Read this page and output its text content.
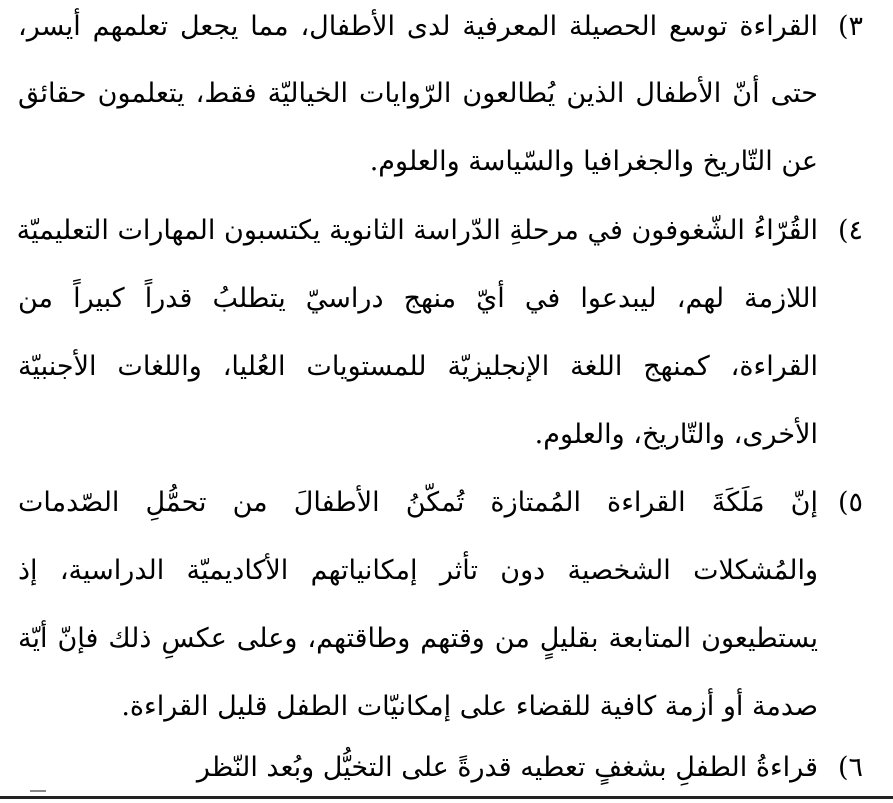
٣)
القراءة توسع الحصيلة المعرفية لدى الأطفال، مما يجعل تعلمهم أيسر،
حتى أنّ الأطفال الذين يُطالعون الرّوايات الخياليّة فقط، يتعلمون حقائق
عن التّاريخ والجغرافيا والسّياسة والعلوم.
٤)
القُرّاءُ الشّغوفون في مرحلةِ الدّراسة الثانوية يكتسبون المهارات التعليميّة
اللازمة لهم، ليبدعوا في أيّ منهج دراسيّ يتطلبُ قدراً كبيراً من
القراءة، كمنهج اللغة الإنجليزيّة للمستويات العُليا، واللغات الأجنبيّة
الأخرى، والتّاريخ، والعلوم.
٥)
إنّ مَلَكَةَ القراءة المُمتازة تُمكّنُ الأطفالَ من تحمُّلِ الصّدمات
والمُشكلات الشخصية دون تأثر إمكانياتهم الأكاديميّة الدراسية، إذ
يستطيعون المتابعة بقليلٍ من وقتهم وطاقتهم، وعلى عكسِ ذلك فإنّ أيّة
صدمة أو أزمة كافية للقضاء على إمكانيّات الطفل قليل القراءة.
٦)
قراءةُ الطفلِ بشغفٍ تعطيه قدرةً على التخيُّل وبُعد النّظر
